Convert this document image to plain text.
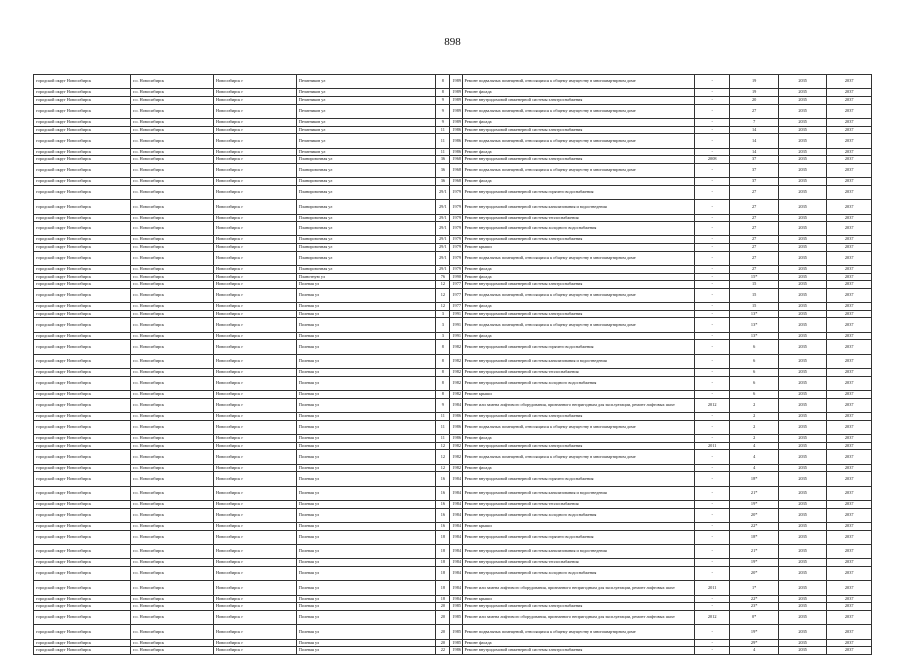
898
городской округ Новосибирск	г.о. Новосибирск	Новосибирск г	Печатников ул	8	1989	Ремонт подвальных помещений, относящихся к общему имуществу в многоквартирном доме	-	19	2035	2037
городской округ Новосибирск	г.о. Новосибирск	Новосибирск г	Печатников ул	8	1989	Ремонт фасада	-	19	2035	2037
городской округ Новосибирск	г.о. Новосибирск	Новосибирск г	Печатников ул	9	1989	Ремонт внутридомовой инженерной системы электроснабжения	-	20	2035	2037
городской округ Новосибирск	г.о. Новосибирск	Новосибирск г	Печатников ул	9	1989	Ремонт подвальных помещений, относящихся к общему имуществу в многоквартирном доме	-	27	2035	2037
городской округ Новосибирск	г.о. Новосибирск	Новосибирск г	Печатников ул	9	1989	Ремонт фасада	-	7	2035	2037
городской округ Новосибирск	г.о. Новосибирск	Новосибирск г	Печатников ул	11	1986	Ремонт внутридомовой инженерной системы электроснабжения	-	14	2035	2037
городской округ Новосибирск	г.о. Новосибирск	Новосибирск г	Печатников ул	11	1986	Ремонт подвальных помещений, относящихся к общему имуществу в многоквартирном доме	-	14	2035	2037
городской округ Новосибирск	г.о. Новосибирск	Новосибирск г	Печатников ул	11	1986	Ремонт фасада	-	14	2035	2037
городской округ Новосибирск	г.о. Новосибирск	Новосибирск г	Планировочная ул	36	1968	Ремонт внутридомовой инженерной системы электроснабжения	2008	37	2035	2037
городской округ Новосибирск	г.о. Новосибирск	Новосибирск г	Планировочная ул	36	1968	Ремонт подвальных помещений, относящихся к общему имуществу в многоквартирном доме	-	37	2035	2037
городской округ Новосибирск	г.о. Новосибирск	Новосибирск г	Планировочная ул	36	1968	Ремонт фасада	-	37	2035	2037
городской округ Новосибирск	г.о. Новосибирск	Новосибирск г	Планировочная ул	29/1	1979	Ремонт внутридомовой инженерной системы горячего водоснабжения	-	27	2035	2037
городской округ Новосибирск	г.о. Новосибирск	Новосибирск г	Планировочная ул	29/1	1979	Ремонт внутридомовой инженерной системы канализования и водоотведения	-	27	2035	2037
городской округ Новосибирск	г.о. Новосибирск	Новосибирск г	Планировочная ул	29/1	1979	Ремонт внутридомовой инженерной системы теплоснабжения	-	27	2035	2037
городской округ Новосибирск	г.о. Новосибирск	Новосибирск г	Планировочная ул	29/1	1979	Ремонт внутридомовой инженерной системы холодного водоснабжения	-	27	2035	2037
городской округ Новосибирск	г.о. Новосибирск	Новосибирск г	Планировочная ул	29/1	1979	Ремонт внутридомовой инженерной системы электроснабжения	-	27	2035	2037
городской округ Новосибирск	г.о. Новосибирск	Новосибирск г	Планировочная ул	29/1	1979	Ремонт крыши	-	27	2035	2037
городской округ Новосибирск	г.о. Новосибирск	Новосибирск г	Планировочная ул	29/1	1979	Ремонт подвальных помещений, относящихся к общему имуществу в многоквартирном доме	-	27	2035	2037
городской округ Новосибирск	г.о. Новосибирск	Новосибирск г	Планировочная ул	29/1	1979	Ремонт фасада	-	27	2035	2037
городской округ Новосибирск	г.о. Новосибирск	Новосибирск г	Планотную ул	76	1990	Ремонт фасада	-	15*	2035	2037
городской округ Новосибирск	г.о. Новосибирск	Новосибирск г	Полевая ул	12	1977	Ремонт внутридомовой инженерной системы электроснабжения	-	15	2035	2037
городской округ Новосибирск	г.о. Новосибирск	Новосибирск г	Полевая ул	12	1977	Ремонт подвальных помещений, относящихся к общему имуществу в многоквартирном доме	-	15	2035	2037
городской округ Новосибирск	г.о. Новосибирск	Новосибирск г	Полевая ул	12	1977	Ремонт фасада	-	15	2035	2037
городской округ Новосибирск	г.о. Новосибирск	Новосибирск г	Полевая ул	3	1991	Ремонт внутридомовой инженерной системы электроснабжения	-	13*	2035	2037
городской округ Новосибирск	г.о. Новосибирск	Новосибирск г	Полевая ул	3	1991	Ремонт подвальных помещений, относящихся к общему имуществу в многоквартирном доме	-	13*	2035	2037
городской округ Новосибирск	г.о. Новосибирск	Новосибирск г	Полевая ул	3	1991	Ремонт фасада	-	13*	2035	2037
городской округ Новосибирск	г.о. Новосибирск	Новосибирск г	Полевая ул	8	1982	Ремонт внутридомовой инженерной системы горячего водоснабжения	-	6	2035	2037
городской округ Новосибирск	г.о. Новосибирск	Новосибирск г	Полевая ул	8	1982	Ремонт внутридомовой инженерной системы канализования и водоотведения	-	6	2035	2037
городской округ Новосибирск	г.о. Новосибирск	Новосибирск г	Полевая ул	8	1982	Ремонт внутридомовой инженерной системы теплоснабжения	-	6	2035	2037
городской округ Новосибирск	г.о. Новосибирск	Новосибирск г	Полевая ул	8	1982	Ремонт внутридомовой инженерной системы холодного водоснабжения	-	6	2035	2037
городской округ Новосибирск	г.о. Новосибирск	Новосибирск г	Полевая ул	8	1982	Ремонт крыши	-	6	2035	2037
городской округ Новосибирск	г.о. Новосибирск	Новосибирск г	Полевая ул	9	1984	Ремонт или замена лифтового оборудования, признанного непригодным для эксплуатации, ремонт лифтовых шахт	2012	2	2035	2037
городской округ Новосибирск	г.о. Новосибирск	Новосибирск г	Полевая ул	11	1986	Ремонт внутридомовой инженерной системы электроснабжения	-	2	2035	2037
городской округ Новосибирск	г.о. Новосибирск	Новосибирск г	Полевая ул	11	1986	Ремонт подвальных помещений, относящихся к общему имуществу в многоквартирном доме	-	2	2035	2037
городской округ Новосибирск	г.о. Новосибирск	Новосибирск г	Полевая ул	11	1986	Ремонт фасада	-	2	2035	2037
городской округ Новосибирск	г.о. Новосибирск	Новосибирск г	Полевая ул	12	1982	Ремонт внутридомовой инженерной системы электроснабжения	2011	4	2035	2037
городской округ Новосибирск	г.о. Новосибирск	Новосибирск г	Полевая ул	12	1982	Ремонт подвальных помещений, относящихся к общему имуществу в многоквартирном доме	-	4	2035	2037
городской округ Новосибирск	г.о. Новосибирск	Новосибирск г	Полевая ул	12	1982	Ремонт фасада	-	4	2035	2037
городской округ Новосибирск	г.о. Новосибирск	Новосибирск г	Полевая ул	16	1984	Ремонт внутридомовой инженерной системы горячего водоснабжения	-	18*	2035	2037
городской округ Новосибирск	г.о. Новосибирск	Новосибирск г	Полевая ул	16	1984	Ремонт внутридомовой инженерной системы канализования и водоотведения	-	21*	2035	2037
городской округ Новосибирск	г.о. Новосибирск	Новосибирск г	Полевая ул	16	1984	Ремонт внутридомовой инженерной системы теплоснабжения	-	19*	2035	2037
городской округ Новосибирск	г.о. Новосибирск	Новосибирск г	Полевая ул	16	1984	Ремонт внутридомовой инженерной системы холодного водоснабжения	-	20*	2035	2037
городской округ Новосибирск	г.о. Новосибирск	Новосибирск г	Полевая ул	16	1984	Ремонт крыши	-	22*	2035	2037
городской округ Новосибирск	г.о. Новосибирск	Новосибирск г	Полевая ул	18	1984	Ремонт внутридомовой инженерной системы горячего водоснабжения	-	18*	2035	2037
городской округ Новосибирск	г.о. Новосибирск	Новосибирск г	Полевая ул	18	1984	Ремонт внутридомовой инженерной системы канализования и водоотведения	-	21*	2035	2037
городской округ Новосибирск	г.о. Новосибирск	Новосибирск г	Полевая ул	18	1984	Ремонт внутридомовой инженерной системы теплоснабжения	-	19*	2035	2037
городской округ Новосибирск	г.о. Новосибирск	Новосибирск г	Полевая ул	18	1984	Ремонт внутридомовой инженерной системы холодного водоснабжения	-	20*	2035	2037
городской округ Новосибирск	г.о. Новосибирск	Новосибирск г	Полевая ул	18	1984	Ремонт или замена лифтового оборудования, признанного непригодным для эксплуатации, ремонт лифтовых шахт	2011	1*	2035	2037
городской округ Новосибирск	г.о. Новосибирск	Новосибирск г	Полевая ул	18	1984	Ремонт крыши	-	22*	2035	2037
городской округ Новосибирск	г.о. Новосибирск	Новосибирск г	Полевая ул	20	1985	Ремонт внутридомовой инженерной системы электроснабжения	-	23*	2035	2037
городской округ Новосибирск	г.о. Новосибирск	Новосибирск г	Полевая ул	20	1985	Ремонт или замена лифтового оборудования, признанного непригодным для эксплуатации, ремонт лифтовых шахт	2012	0*	2035	2037
городской округ Новосибирск	г.о. Новосибирск	Новосибирск г	Полевая ул	20	1985	Ремонт подвальных помещений, относящихся к общему имуществу в многоквартирном доме	-	19*	2035	2037
городской округ Новосибирск	г.о. Новосибирск	Новосибирск г	Полевая ул	20	1985	Ремонт фасада	-	29*	2035	2037
городской округ Новосибирск	г.о. Новосибирск	Новосибирск г	Полевая ул	22	1986	Ремонт внутридомовой инженерной системы электроснабжения	-	4	2035	2037
